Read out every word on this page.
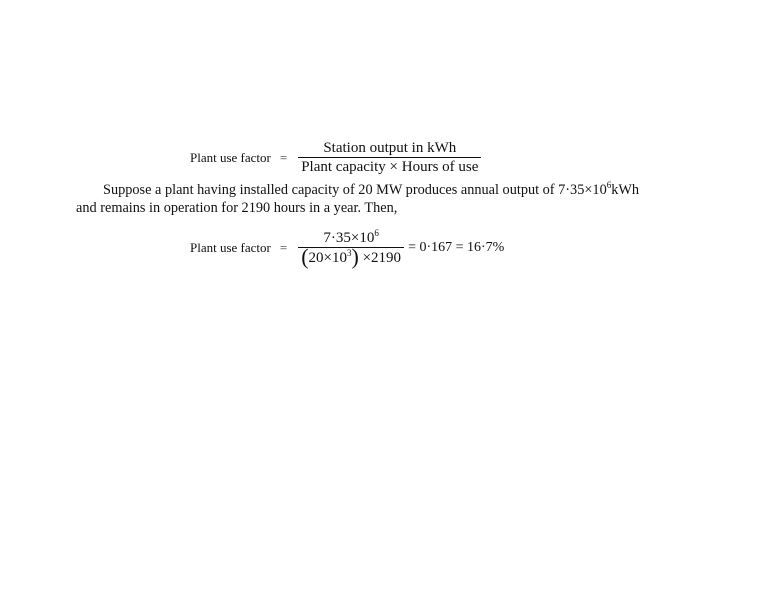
Plant use factor = $\frac{\text{Station output in kWh}}{\text{Plant capacity × Hours of use}}$
Suppose a plant having installed capacity of 20 MW produces annual output of $7\cdot 35\times 10^6kWh$
and remains in operation for 2190 hours in a year. Then,
Plant use factor = $\frac{7\cdot 35\times 10^6}{(20\times 10^3) \times 2190} = 0\cdot 167 = 16\cdot 7\%$
